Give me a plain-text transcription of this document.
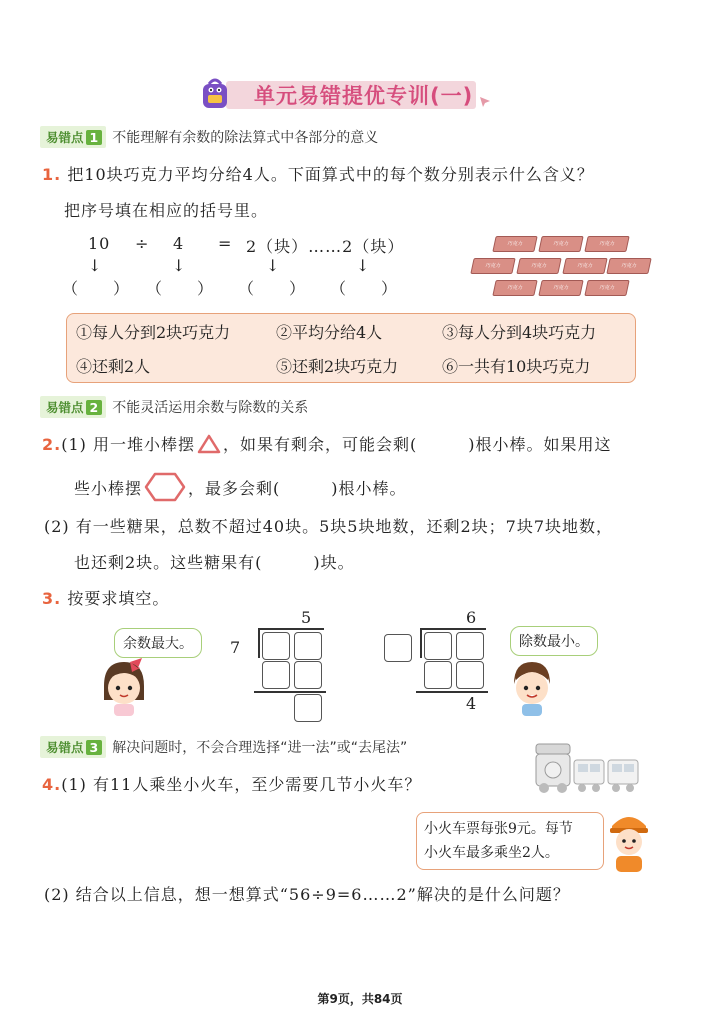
单元易错提优专训(一)
易错点 1 不能理解有余数的除法算式中各部分的意义
1. 把10块巧克力平均分给4人。下面算式中的每个数分别表示什么含义？
把序号填在相应的括号里。
10 ÷ 4 = 2（块）……2（块）
↓	↓	↓	↓
（　　） （　　） （　　） （　　）
巧克力	巧克力	巧克力
巧克力	巧克力	巧克力	巧克力
巧克力	巧克力	巧克力
①每人分到2块巧克力	②平均分给4人	③每人分到4块巧克力
④还剩2人	⑤还剩2块巧克力	⑥一共有10块巧克力
易错点 2 不能灵活运用余数与除数的关系
2.(1) 用一堆小棒摆 ，如果有剩余，可能会剩(　　　)根小棒。如果用这
些小棒摆	，最多会剩(　　　)根小棒。
(2) 有一些糖果，总数不超过40块。5块5块地数，还剩2块；7块7块地数，
也还剩2块。这些糖果有(　　　)块。
3. 按要求填空。
余数最大。
5
7
6
4
除数最小。
易错点 3 解决问题时，不会合理选择“进一法”或“去尾法”
4.(1) 有11人乘坐小火车，至少需要几节小火车？
小火车票每张9元。每节
小火车最多乘坐2人。
(2) 结合以上信息，想一想算式“56÷9=6……2”解决的是什么问题？
第9页，共84页
